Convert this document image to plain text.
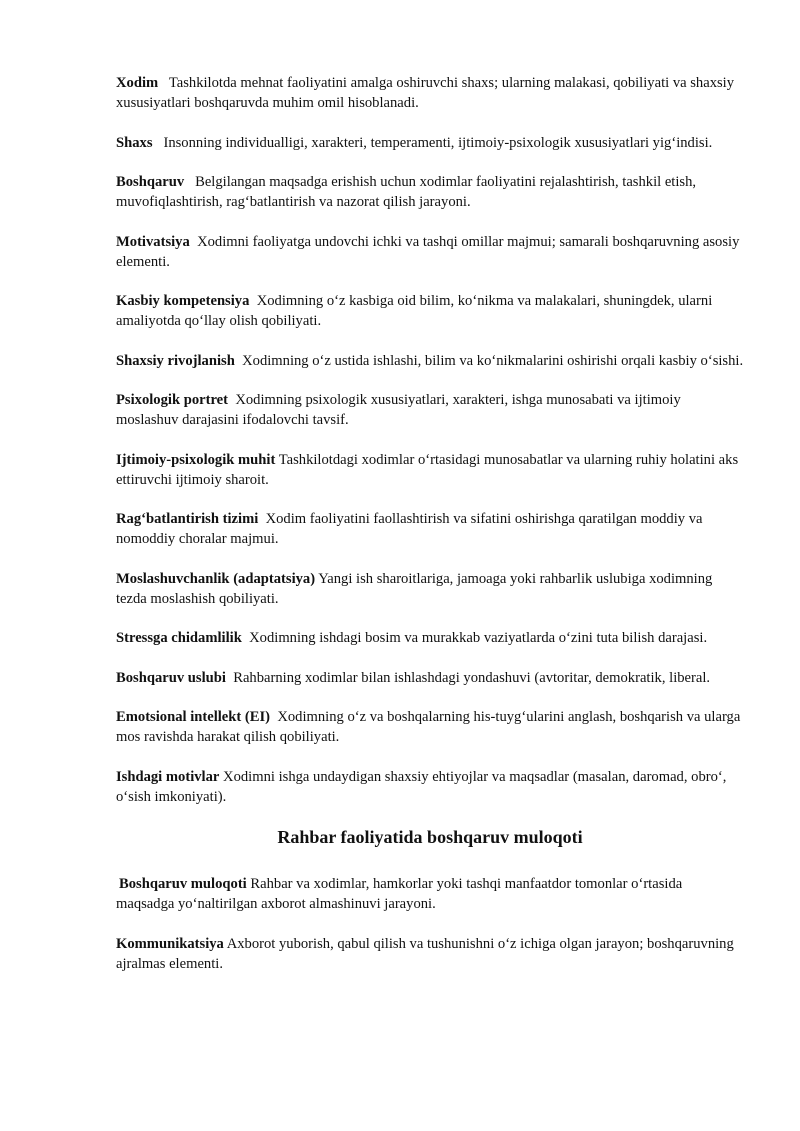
Xodim Tashkilotda mehnat faoliyatini amalga oshiruvchi shaxs; ularning malakasi, qobiliyati va shaxsiy xususiyatlari boshqaruvda muhim omil hisoblanadi.

Shaxs Insonning individualligi, xarakteri, temperamenti, ijtimoiy-psixologik xususiyatlari yig‘indisi.

Boshqaruv Belgilangan maqsadga erishish uchun xodimlar faoliyatini rejalashtirish, tashkil etish, muvofiqlashtirish, rag‘batlantirish va nazorat qilish jarayoni.

Motivatsiya Xodimni faoliyatga undovchi ichki va tashqi omillar majmui; samarali boshqaruvning asosiy elementi.

Kasbiy kompetensiya Xodimning o‘z kasbiga oid bilim, ko‘nikma va malakalari, shuningdek, ularni amaliyotda qo‘llay olish qobiliyati.

Shaxsiy rivojlanish Xodimning o‘z ustida ishlashi, bilim va ko‘nikmalarini oshirishi orqali kasbiy o‘sishi.

Psixologik portret Xodimning psixologik xususiyatlari, xarakteri, ishga munosabati va ijtimoiy moslashuv darajasini ifodalovchi tavsif.

Ijtimoiy-psixologik muhit Tashkilotdagi xodimlar o‘rtasidagi munosabatlar va ularning ruhiy holatini aks ettiruvchi ijtimoiy sharoit.

Rag‘batlantirish tizimi Xodim faoliyatini faollashtirish va sifatini oshirishga qaratilgan moddiy va nomoddiy choralar majmui.

Moslashuvchanlik (adaptatsiya) Yangi ish sharoitlariga, jamoaga yoki rahbarlik uslubiga xodimning tezda moslashish qobiliyati.

Stressga chidamlilik Xodimning ishdagi bosim va murakkab vaziyatlarda o‘zini tuta bilish darajasi.

Boshqaruv uslubi Rahbarning xodimlar bilan ishlashdagi yondashuvi (avtoritar, demokratik, liberal.

Emotsional intellekt (EI) Xodimning o‘z va boshqalarning his-tuyg‘ularini anglash, boshqarish va ularga mos ravishda harakat qilish qobiliyati.

Ishdagi motivlar Xodimni ishga undaydigan shaxsiy ehtiyojlar va maqsadlar (masalan, daromad, obro‘, o‘sish imkoniyati).

Rahbar faoliyatida boshqaruv muloqoti

Boshqaruv muloqoti Rahbar va xodimlar, hamkorlar yoki tashqi manfaatdor tomonlar o‘rtasida maqsadga yo‘naltirilgan axborot almashinuvi jarayoni.

Kommunikatsiya Axborot yuborish, qabul qilish va tushunishni o‘z ichiga olgan jarayon; boshqaruvning ajralmas elementi.
